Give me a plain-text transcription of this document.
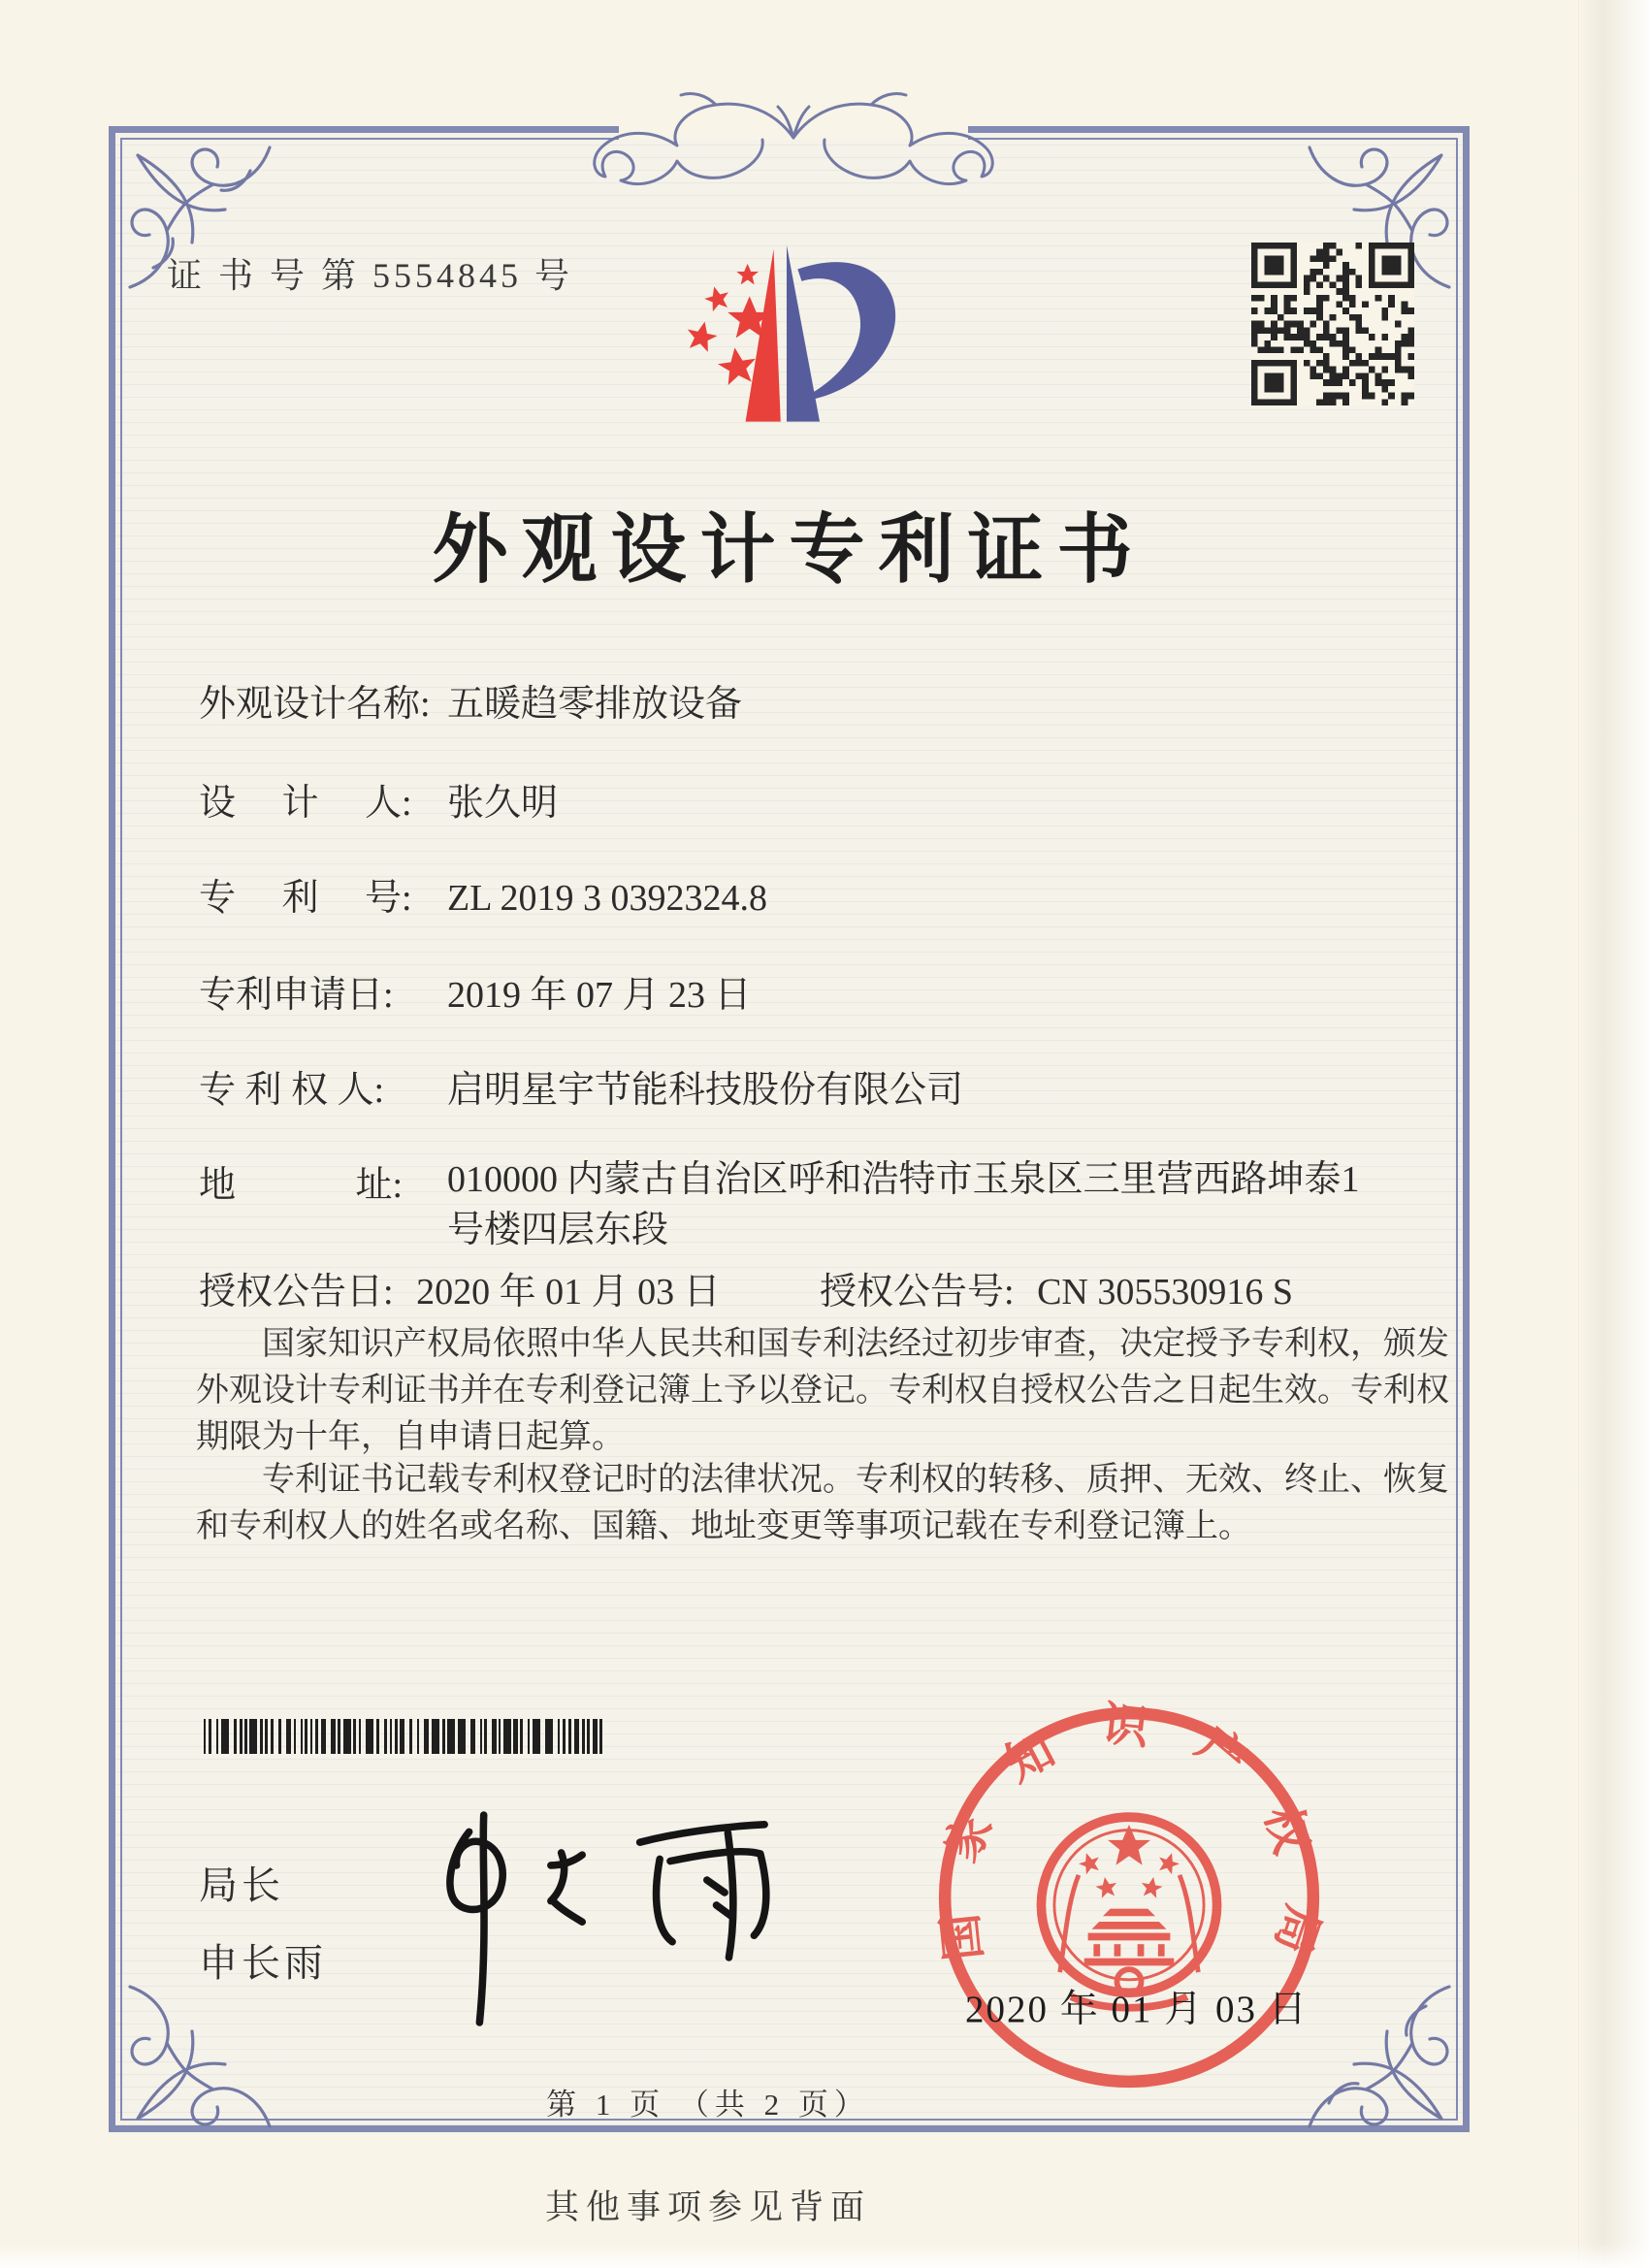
证 书 号 第 5554845 号
外观设计专利证书
外观设计名称: 五暖趋零排放设备
设　 计 　人: 张久明
专　 利 　号: ZL 2019 3 0392324.8
专利申请日: 2019 年 07 月 23 日
专 利 权 人: 启明星宇节能科技股份有限公司
地　　　 址: 010000 内蒙古自治区呼和浩特市玉泉区三里营西路坤泰1号楼四层东段
授权公告日: 2020 年 01 月 03 日	授权公告号: CN 305530916 S
国家知识产权局依照中华人民共和国专利法经过初步审查，决定授予专利权，颁发外观设计专利证书并在专利登记簿上予以登记。专利权自授权公告之日起生效。专利权期限为十年，自申请日起算。
专利证书记载专利权登记时的法律状况。专利权的转移、质押、无效、终止、恢复和专利权人的姓名或名称、国籍、地址变更等事项记载在专利登记簿上。
局长
申长雨	国家知识产权局
2020 年 01 月 03 日
第 1 页 （共 2 页）
其他事项参见背面
